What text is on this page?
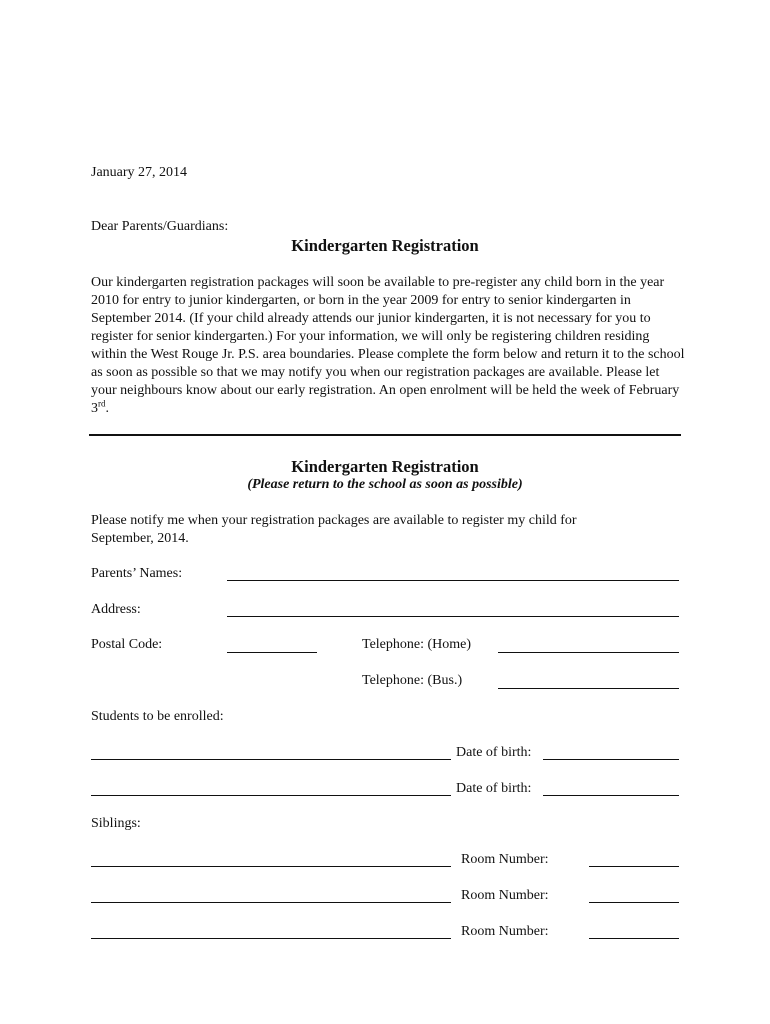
January 27, 2014
Dear Parents/Guardians:
Kindergarten Registration

Our kindergarten registration packages will soon be available to pre-register any child born in the year 2010 for entry to junior kindergarten, or born in the year 2009 for entry to senior kindergarten in September 2014. (If your child already attends our junior kindergarten, it is not necessary for you to register for senior kindergarten.) For your information, we will only be registering children residing within the West Rouge Jr. P.S. area boundaries. Please complete the form below and return it to the school as soon as possible so that we may notify you when our registration packages are available. Please let your neighbours know about our early registration. An open enrolment will be held the week of February 3rd.

Kindergarten Registration
(Please return to the school as soon as possible)
Please notify me when your registration packages are available to register my child for
September, 2014.
Parents’ Names:
Address:
Postal Code:	Telephone: (Home)
Telephone: (Bus.)
Students to be enrolled:
Date of birth:
Date of birth:
Siblings:
Room Number:
Room Number:
Room Number:
